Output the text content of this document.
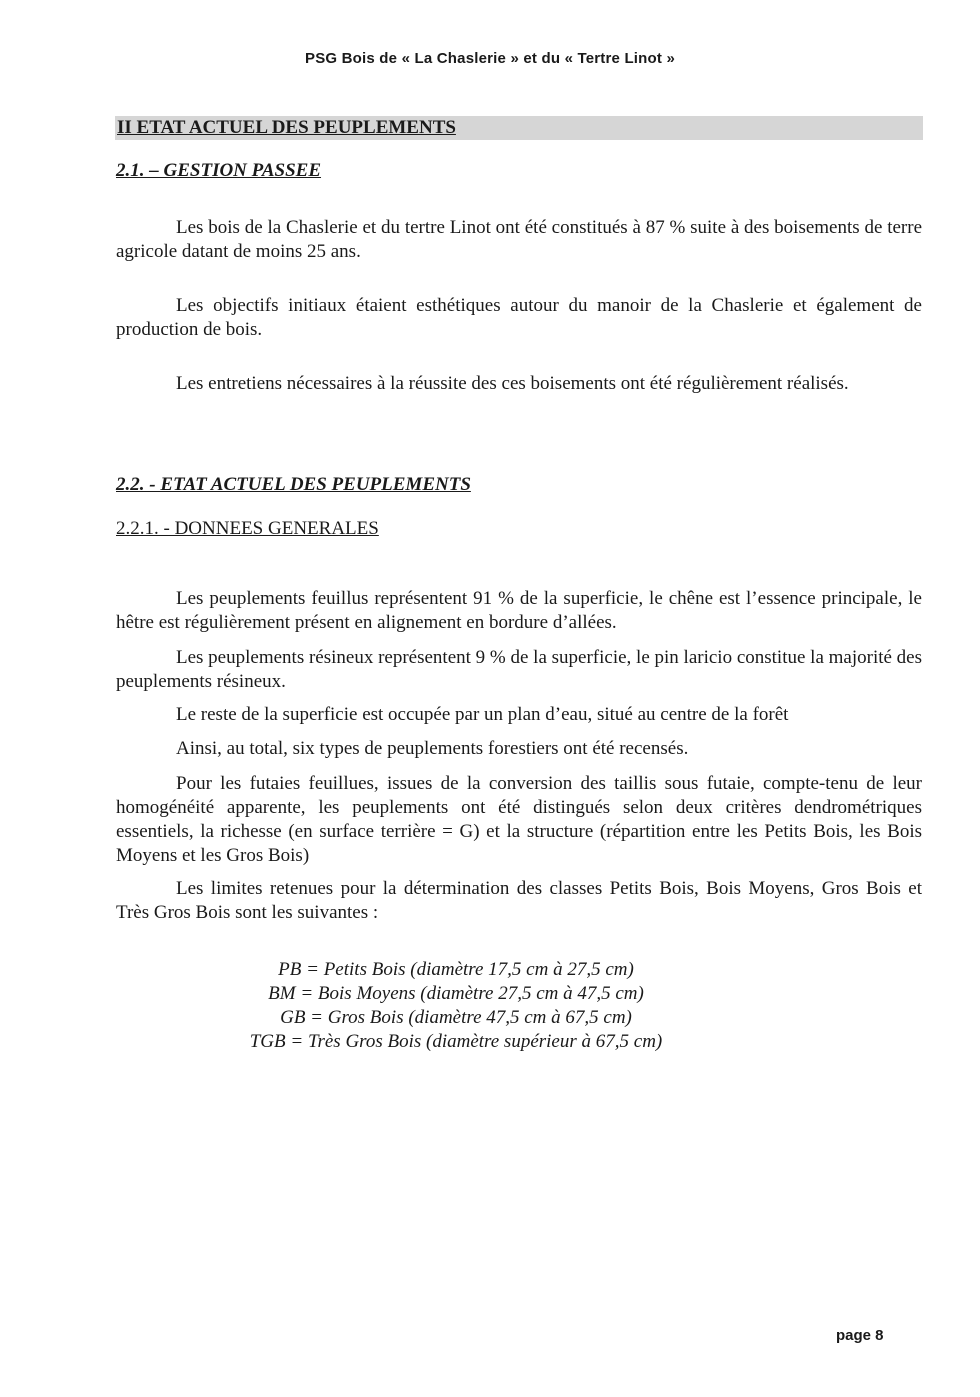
PSG Bois de « La Chaslerie » et du « Tertre Linot »
II ETAT ACTUEL DES PEUPLEMENTS
2.1. – GESTION PASSEE
Les bois de la Chaslerie et du tertre Linot ont été constitués à 87 % suite à des boisements de terre agricole datant de moins 25 ans.
Les objectifs initiaux étaient esthétiques autour du manoir de la Chaslerie et également de production de bois.
Les entretiens nécessaires à la réussite des ces boisements ont été régulièrement réalisés.
2.2. - ETAT ACTUEL DES PEUPLEMENTS
2.2.1. - DONNEES GENERALES
Les peuplements feuillus représentent 91 % de la superficie, le chêne est l’essence principale, le hêtre est régulièrement présent en alignement en bordure d’allées.
Les peuplements résineux représentent 9 % de la superficie, le pin laricio constitue la majorité des peuplements résineux.
Le reste de la superficie est occupée par un plan d’eau, situé au centre de la forêt
Ainsi, au total, six types de peuplements forestiers ont été recensés.
Pour les futaies feuillues, issues de la conversion des taillis sous futaie, compte-tenu de leur homogénéité apparente, les peuplements ont été distingués selon deux critères dendrométriques essentiels, la richesse (en surface terrière = G) et la structure (répartition entre les Petits Bois, les Bois Moyens et les Gros Bois)
Les limites retenues pour la détermination des classes Petits Bois, Bois Moyens, Gros Bois et Très Gros Bois sont les suivantes :
PB = Petits Bois (diamètre 17,5 cm à 27,5 cm)
BM = Bois Moyens (diamètre 27,5 cm à 47,5 cm)
GB = Gros Bois (diamètre 47,5 cm à 67,5 cm)
TGB = Très Gros Bois (diamètre supérieur à 67,5 cm)
page 8
